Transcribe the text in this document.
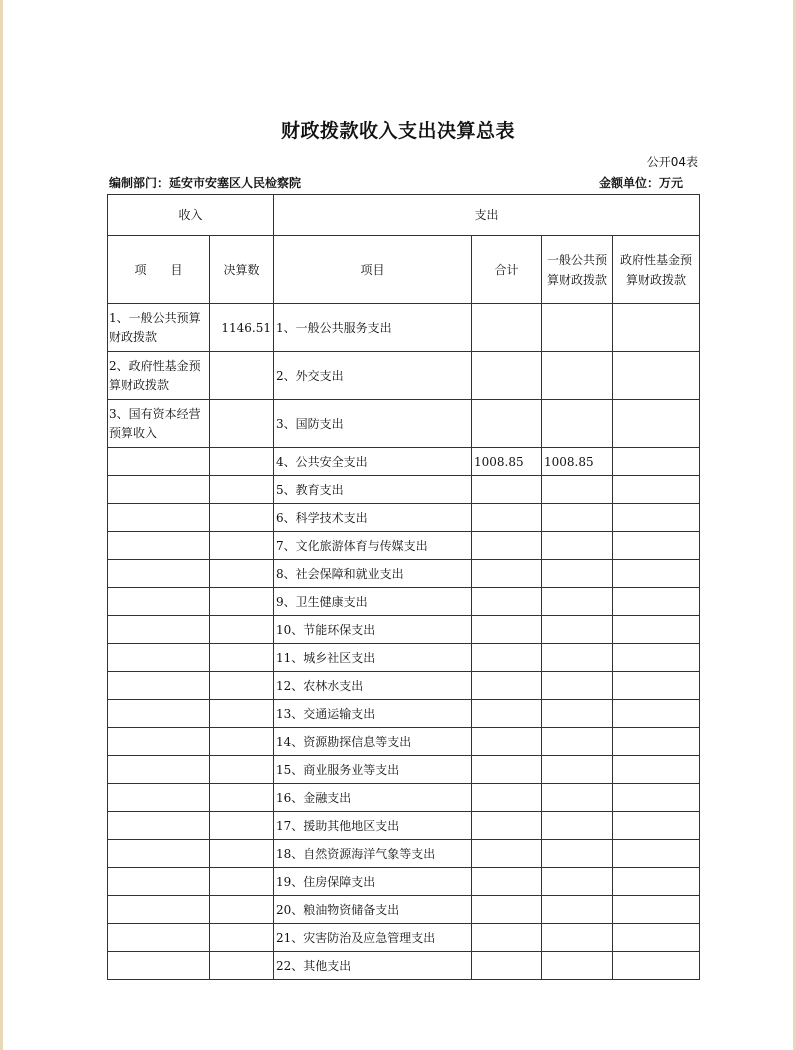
财政拨款收入支出决算总表
公开04表
编制部门：延安市安塞区人民检察院	金额单位：万元
收入		支出			
项　　目	决算数	项目	合计	一般公共预算财政拨款	政府性基金预算财政拨款
1、一般公共预算财政拨款	1146.51	1、一般公共服务支出			
2、政府性基金预算财政拨款		2、外交支出			
3、国有资本经营预算收入		3、国防支出			
		4、公共安全支出	1008.85	1008.85	
		5、教育支出			
		6、科学技术支出			
		7、文化旅游体育与传媒支出			
		8、社会保障和就业支出			
		9、卫生健康支出			
		10、节能环保支出			
		11、城乡社区支出			
		12、农林水支出			
		13、交通运输支出			
		14、资源勘探信息等支出			
		15、商业服务业等支出			
		16、金融支出			
		17、援助其他地区支出			
		18、自然资源海洋气象等支出			
		19、住房保障支出			
		20、粮油物资储备支出			
		21、灾害防治及应急管理支出			
		22、其他支出			
